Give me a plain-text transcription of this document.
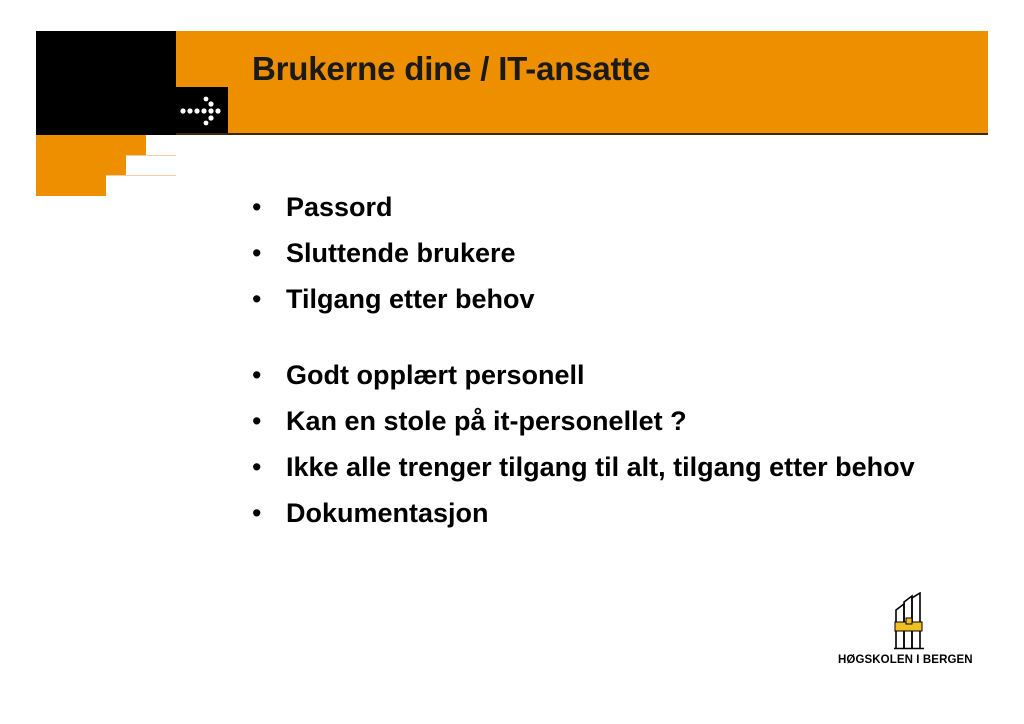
Brukerne dine / IT-ansatte
• Passord
• Sluttende brukere
• Tilgang etter behov
• Godt opplært personell
• Kan en stole på it-personellet ?
• Ikke alle trenger tilgang til alt, tilgang etter behov
• Dokumentasjon
HØGSKOLEN I BERGEN
